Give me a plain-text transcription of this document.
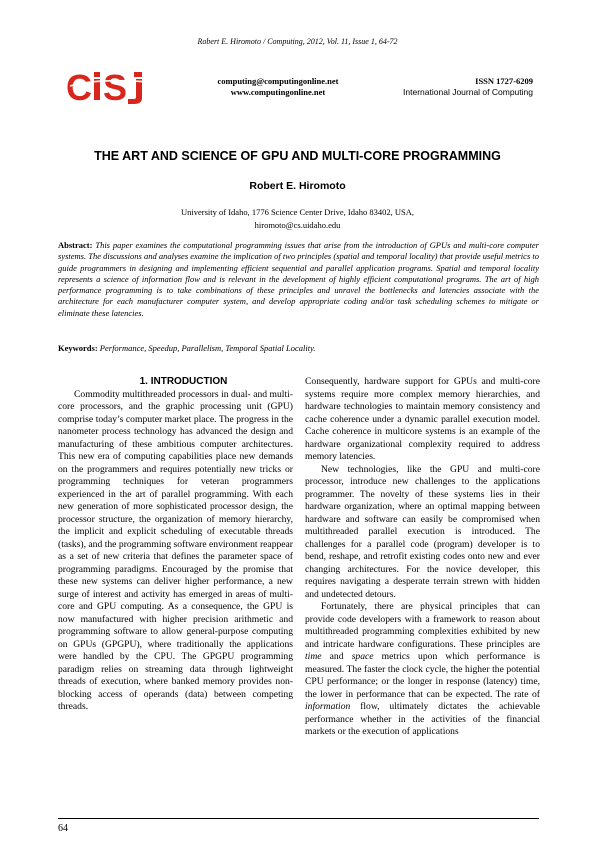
Robert E. Hiromoto / Computing, 2012, Vol. 11, Issue 1, 64-72
C S	computing@computingonline.net
www.computingonline.net
ISSN 1727-6209
International Journal of Computing
THE ART AND SCIENCE OF GPU AND MULTI-CORE PROGRAMMING
Robert E. Hiromoto
University of Idaho, 1776 Science Center Drive, Idaho 83402, USA,
hiromoto@cs.uidaho.edu
Abstract: This paper examines the computational programming issues that arise from the introduction of GPUs and multi-core computer systems. The discussions and analyses examine the implication of two principles (spatial and temporal locality) that provide useful metrics to guide programmers in designing and implementing efficient sequential and parallel application programs. Spatial and temporal locality represents a science of information flow and is relevant in the development of highly efficient computational programs. The art of high performance programming is to take combinations of these principles and unravel the bottlenecks and latencies associate with the architecture for each manufacturer computer system, and develop appropriate coding and/or task scheduling schemes to mitigate or eliminate these latencies.
Keywords: Performance, Speedup, Parallelism, Temporal Spatial Locality.

1. INTRODUCTION

Commodity multithreaded processors in dual- and multi-core processors, and the graphic processing unit (GPU) comprise today’s computer market place. The progress in the nanometer process technology has advanced the design and manufacturing of these ambitious computer architectures. This new era of computing capabilities place new demands on the programmers and requires potentially new tricks or programming techniques for veteran programmers experienced in the art of parallel programming. With each new generation of more sophisticated processor design, the processor structure, the organization of memory hierarchy, the implicit and explicit scheduling of executable threads (tasks), and the programming software environment reappear as a set of new criteria that defines the parameter space of programming paradigms. Encouraged by the promise that these new systems can deliver higher performance, a new surge of interest and activity has emerged in areas of multi-core and GPU computing. As a consequence, the GPU is now manufactured with higher precision arithmetic and programming software to allow general-purpose computing on GPUs (GPGPU), where traditionally the applications were handled by the CPU. The GPGPU programming paradigm relies on streaming data through lightweight threads of execution, where banked memory provides non-blocking access of operands (data) between competing threads.

Consequently, hardware support for GPUs and multi-core systems require more complex memory hierarchies, and hardware technologies to maintain memory consistency and cache coherence under a dynamic parallel execution model. Cache coherence in multicore systems is an example of the hardware organizational complexity required to address memory latencies.

New technologies, like the GPU and multi-core processor, introduce new challenges to the applications programmer. The novelty of these systems lies in their hardware organization, where an optimal mapping between hardware and software can easily be compromised when multithreaded parallel execution is introduced. The challenges for a parallel code (program) developer is to bend, reshape, and retrofit existing codes onto new and ever changing architectures. For the novice developer, this requires navigating a desperate terrain strewn with hidden and undetected detours.

Fortunately, there are physical principles that can provide code developers with a framework to reason about multithreaded programming complexities exhibited by new and intricate hardware configurations. These principles are time and space metrics upon which performance is measured. The faster the clock cycle, the higher the potential CPU performance; or the longer in response (latency) time, the lower in performance that can be expected. The rate of information flow, ultimately dictates the achievable performance whether in the activities of the financial markets or the execution of applications

64
